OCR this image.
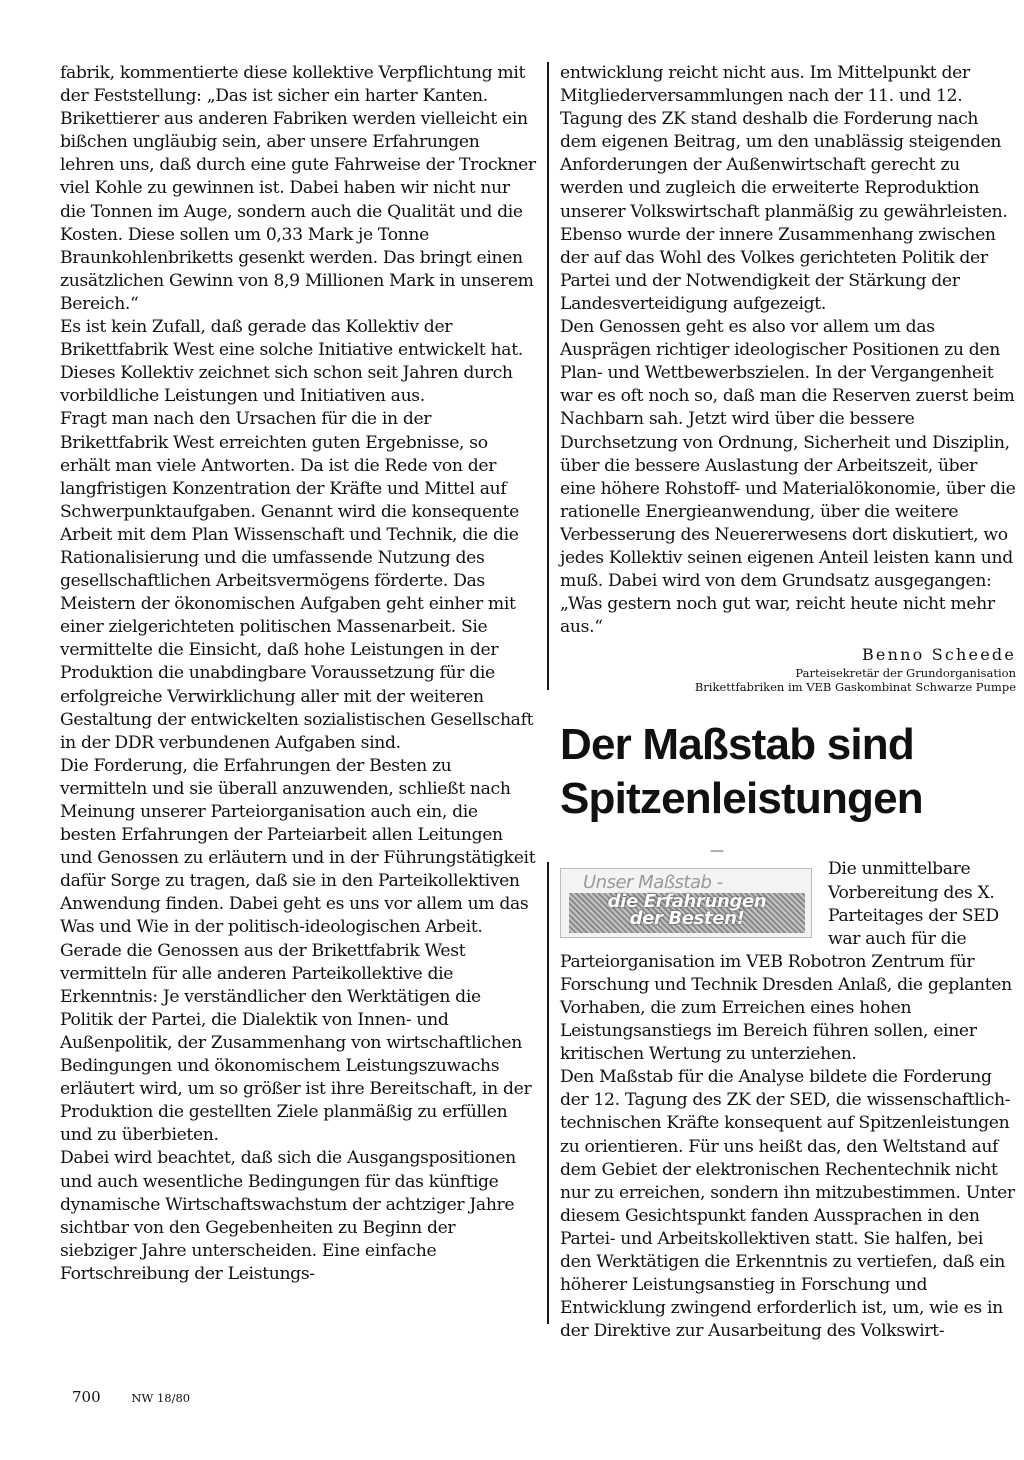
fabrik, kommentierte diese kollektive Verpflichtung mit der Feststellung: „Das ist sicher ein harter Kanten. Brikettierer aus anderen Fabriken werden vielleicht ein bißchen ungläubig sein, aber unsere Erfahrungen lehren uns, daß durch eine gute Fahrweise der Trockner viel Kohle zu gewinnen ist. Dabei haben wir nicht nur die Tonnen im Auge, sondern auch die Qualität und die Kosten. Diese sollen um 0,33 Mark je Tonne Braunkohlenbriketts gesenkt werden. Das bringt einen zusätzlichen Gewinn von 8,9 Millionen Mark in unserem Bereich.“

Es ist kein Zufall, daß gerade das Kollektiv der Brikettfabrik West eine solche Initiative entwickelt hat. Dieses Kollektiv zeichnet sich schon seit Jahren durch vorbildliche Leistungen und Initiativen aus.

Fragt man nach den Ursachen für die in der Brikettfabrik West erreichten guten Ergebnisse, so erhält man viele Antworten. Da ist die Rede von der langfristigen Konzentration der Kräfte und Mittel auf Schwerpunktaufgaben. Genannt wird die konsequente Arbeit mit dem Plan Wissenschaft und Technik, die die Rationalisierung und die umfassende Nutzung des gesellschaftlichen Arbeitsvermögens förderte. Das Meistern der ökonomischen Aufgaben geht einher mit einer zielgerichteten politischen Massenarbeit. Sie vermittelte die Einsicht, daß hohe Leistungen in der Produktion die unabdingbare Voraussetzung für die erfolgreiche Verwirklichung aller mit der weiteren Gestaltung der entwickelten sozialistischen Gesellschaft in der DDR verbundenen Aufgaben sind.

Die Forderung, die Erfahrungen der Besten zu vermitteln und sie überall anzuwenden, schließt nach Meinung unserer Parteiorganisation auch ein, die besten Erfahrungen der Parteiarbeit allen Leitungen und Genossen zu erläutern und in der Führungstätigkeit dafür Sorge zu tragen, daß sie in den Parteikollektiven Anwendung finden. Dabei geht es uns vor allem um das Was und Wie in der politisch-ideologischen Arbeit.

Gerade die Genossen aus der Brikettfabrik West vermitteln für alle anderen Parteikollektive die Erkenntnis: Je verständlicher den Werktätigen die Politik der Partei, die Dialektik von Innen- und Außenpolitik, der Zusammenhang von wirtschaftlichen Bedingungen und ökonomischem Leistungszuwachs erläutert wird, um so größer ist ihre Bereitschaft, in der Produktion die gestellten Ziele planmäßig zu erfüllen und zu überbieten.

Dabei wird beachtet, daß sich die Ausgangspositionen und auch wesentliche Bedingungen für das künftige dynamische Wirtschaftswachstum der achtziger Jahre sichtbar von den Gegebenheiten zu Beginn der siebziger Jahre unterscheiden. Eine einfache Fortschreibung der Leistungs-

entwicklung reicht nicht aus. Im Mittelpunkt der Mitgliederversammlungen nach der 11. und 12. Tagung des ZK stand deshalb die Forderung nach dem eigenen Beitrag, um den unablässig steigenden Anforderungen der Außenwirtschaft gerecht zu werden und zugleich die erweiterte Reproduktion unserer Volkswirtschaft planmäßig zu gewährleisten. Ebenso wurde der innere Zusammenhang zwischen der auf das Wohl des Volkes gerichteten Politik der Partei und der Notwendigkeit der Stärkung der Landesverteidigung aufgezeigt.

Den Genossen geht es also vor allem um das Ausprägen richtiger ideologischer Positionen zu den Plan- und Wettbewerbszielen. In der Vergangenheit war es oft noch so, daß man die Reserven zuerst beim Nachbarn sah. Jetzt wird über die bessere Durchsetzung von Ordnung, Sicherheit und Disziplin, über die bessere Auslastung der Arbeitszeit, über eine höhere Rohstoff- und Materialökonomie, über die rationelle Energieanwendung, über die weitere Verbesserung des Neuererwesens dort diskutiert, wo jedes Kollektiv seinen eigenen Anteil leisten kann und muß. Dabei wird von dem Grundsatz ausgegangen: „Was gestern noch gut war, reicht heute nicht mehr aus.“

Benno Scheede
Parteisekretär der Grundorganisation
Brikettfabriken im VEB Gaskombinat Schwarze Pumpe
Der Maßstab sind
Spitzenleistungen
—
Unser Maßstab -
die Erfahrungen
der Besten!

Die unmittelbare Vorbereitung des X. Parteitages der SED war auch für die Parteiorganisation im VEB Robotron Zentrum für Forschung und Technik Dresden Anlaß, die geplanten Vorhaben, die zum Erreichen eines hohen Leistungsanstiegs im Bereich führen sollen, einer kritischen Wertung zu unterziehen.

Den Maßstab für die Analyse bildete die Forderung der 12. Tagung des ZK der SED, die wissenschaftlich-technischen Kräfte konsequent auf Spitzenleistungen zu orientieren. Für uns heißt das, den Weltstand auf dem Gebiet der elektronischen Rechentechnik nicht nur zu erreichen, sondern ihn mitzubestimmen. Unter diesem Gesichtspunkt fanden Aussprachen in den Partei- und Arbeitskollektiven statt. Sie halfen, bei den Werktätigen die Erkenntnis zu vertiefen, daß ein höherer Leistungsanstieg in Forschung und Entwicklung zwingend erforderlich ist, um, wie es in der Direktive zur Ausarbeitung des Volkswirt-

700	NW 18/80
